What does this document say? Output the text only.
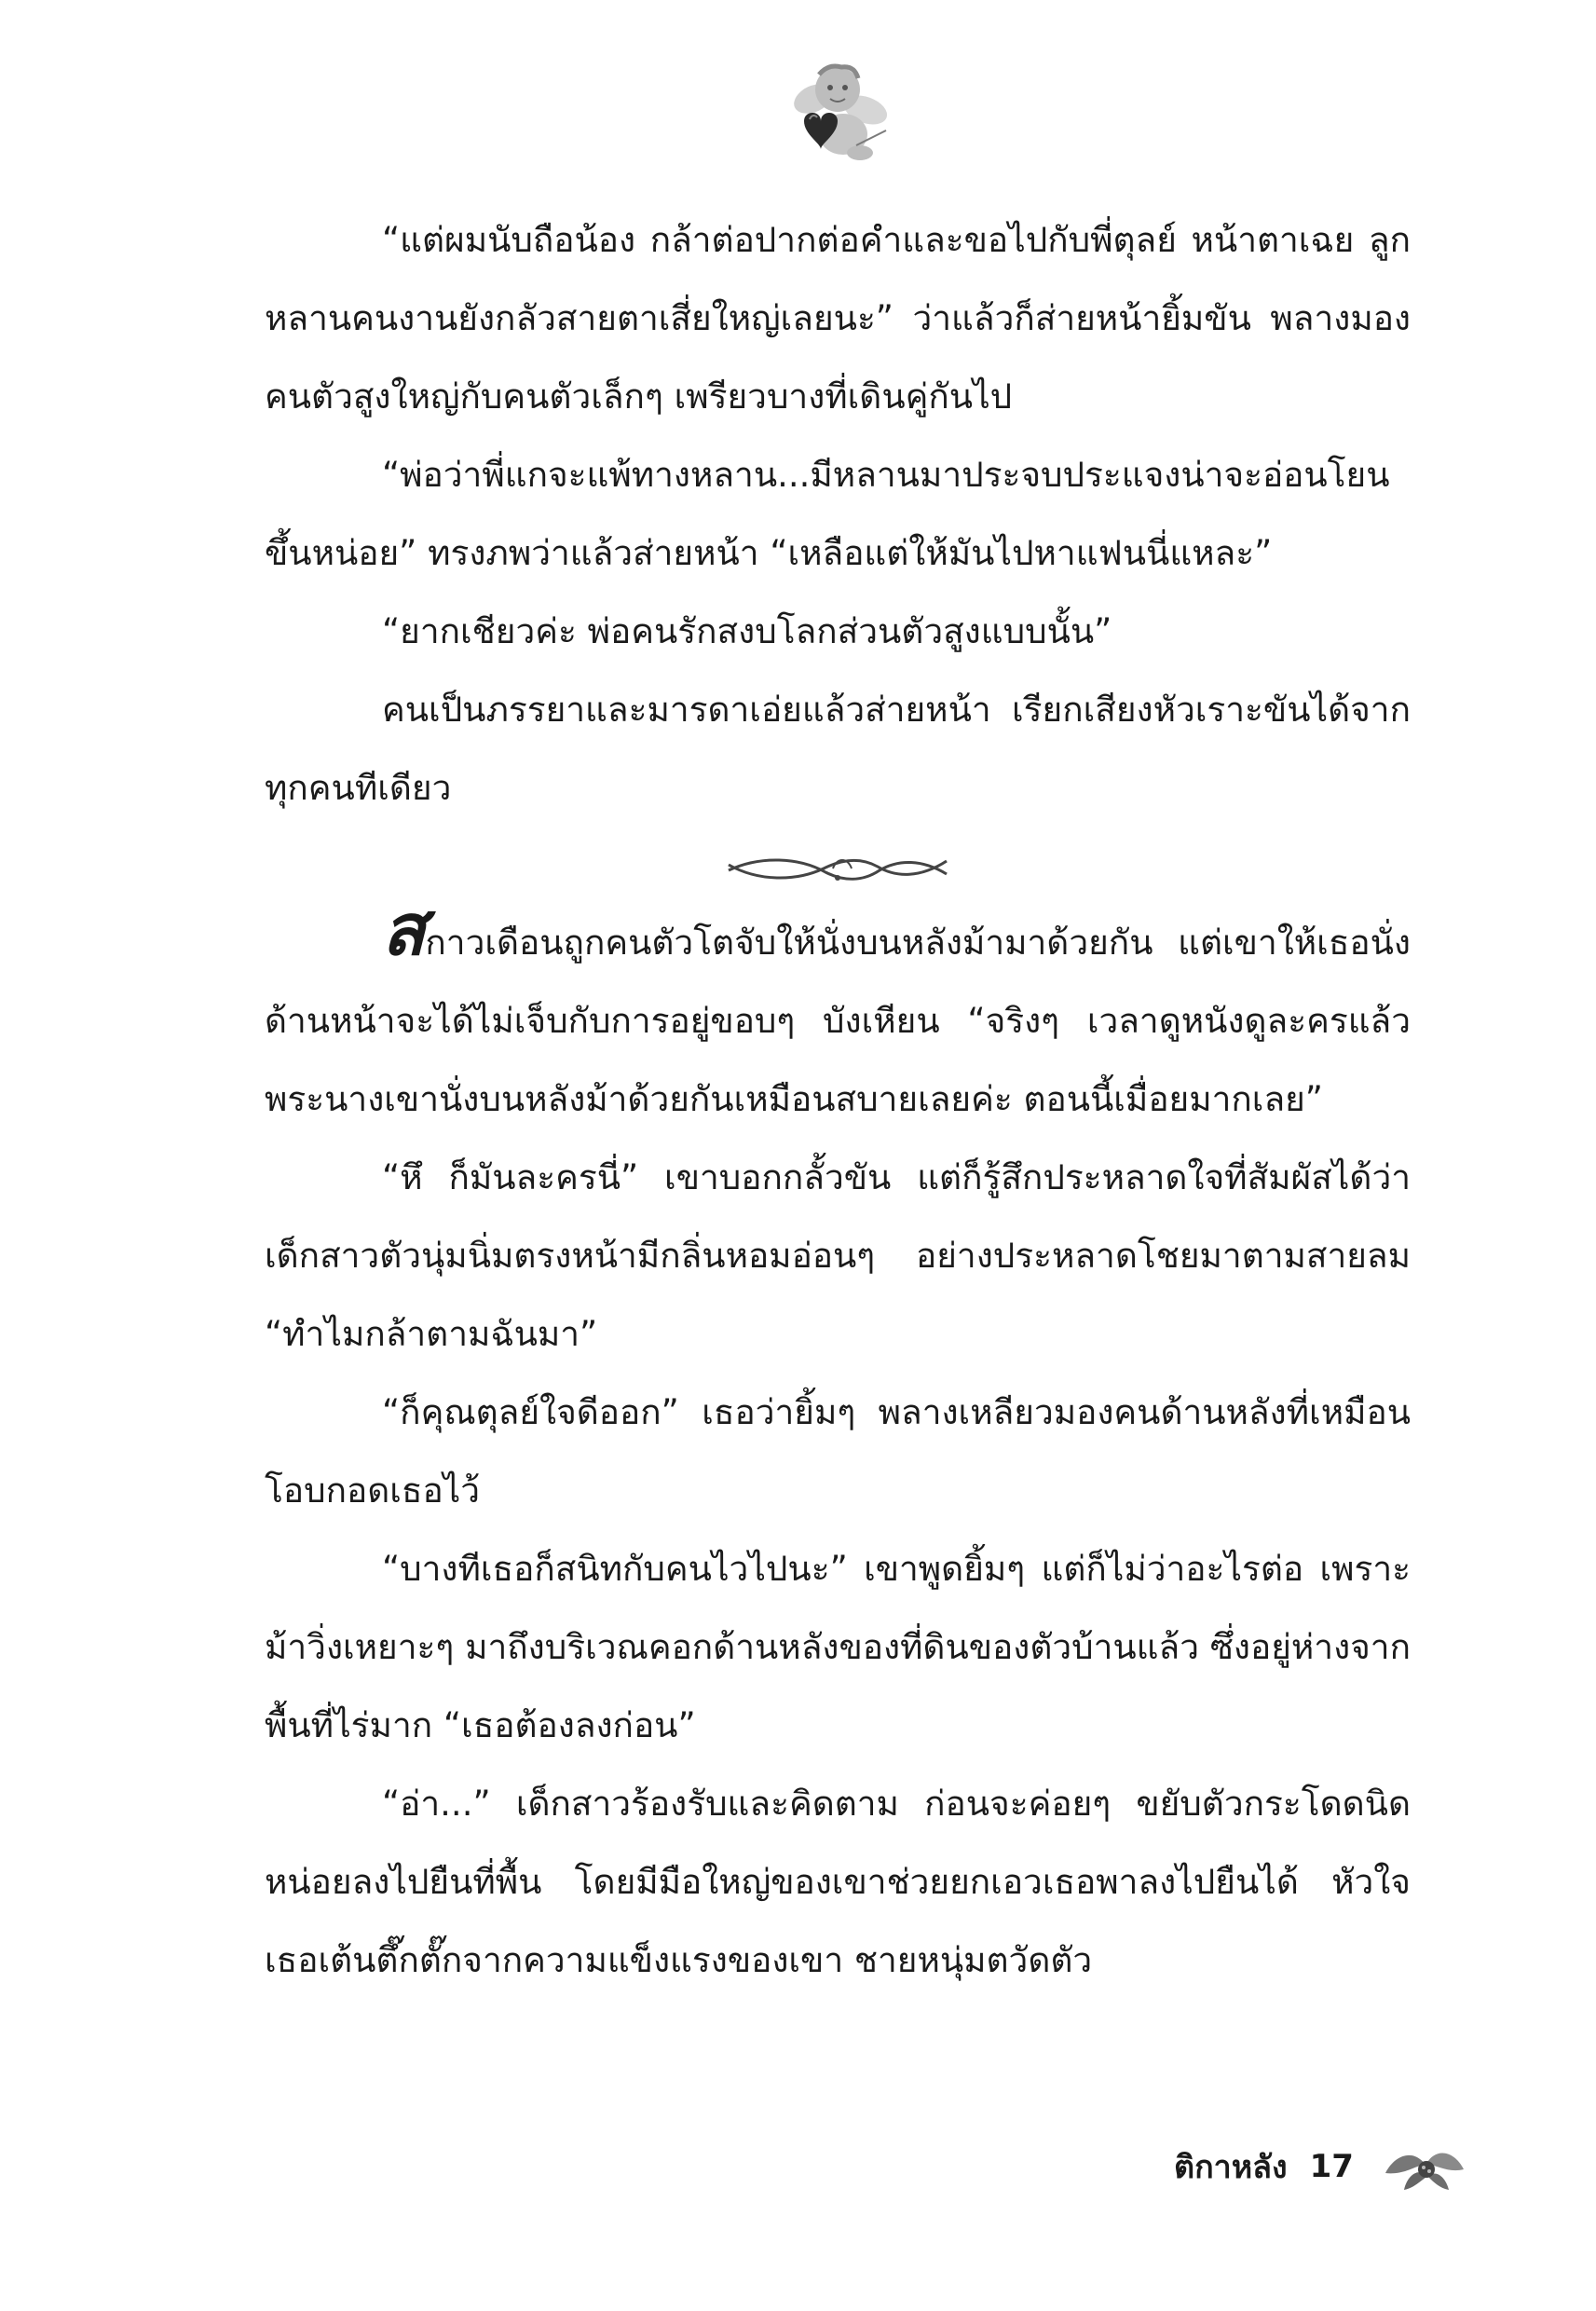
“แต่ผมนับถือน้อง กล้าต่อปากต่อคำและขอไปกับพี่ตุลย์ หน้าตาเฉย ลูกหลานคนงานยังกลัวสายตาเสี่ยใหญ่เลยนะ” ว่าแล้วก็ส่ายหน้ายิ้มขัน พลางมองคนตัวสูงใหญ่กับคนตัวเล็กๆ เพรียวบางที่เดินคู่กันไป

“พ่อว่าพี่แกจะแพ้ทางหลาน...มีหลานมาประจบประแจงน่าจะอ่อนโยนขึ้นหน่อย” ทรงภพว่าแล้วส่ายหน้า “เหลือแต่ให้มันไปหาแฟนนี่แหละ”

“ยากเชียวค่ะ พ่อคนรักสงบโลกส่วนตัวสูงแบบนั้น”

คนเป็นภรรยาและมารดาเอ่ยแล้วส่ายหน้า เรียกเสียงหัวเราะขันได้จากทุกคนทีเดียว

สกาวเดือนถูกคนตัวโตจับให้นั่งบนหลังม้ามาด้วยกัน แต่เขาให้เธอนั่งด้านหน้าจะได้ไม่เจ็บกับการอยู่ขอบๆ บังเหียน “จริงๆ เวลาดูหนังดูละครแล้วพระนางเขานั่งบนหลังม้าด้วยกันเหมือนสบายเลยค่ะ ตอนนี้เมื่อยมากเลย”

“หึ ก็มันละครนี่” เขาบอกกลั้วขัน แต่ก็รู้สึกประหลาดใจที่สัมผัสได้ว่าเด็กสาวตัวนุ่มนิ่มตรงหน้ามีกลิ่นหอมอ่อนๆ อย่างประหลาดโชยมาตามสายลม “ทำไมกล้าตามฉันมา”

“ก็คุณตุลย์ใจดีออก” เธอว่ายิ้มๆ พลางเหลียวมองคนด้านหลังที่เหมือนโอบกอดเธอไว้

“บางทีเธอก็สนิทกับคนไวไปนะ” เขาพูดยิ้มๆ แต่ก็ไม่ว่าอะไรต่อ เพราะม้าวิ่งเหยาะๆ มาถึงบริเวณคอกด้านหลังของที่ดินของตัวบ้านแล้ว ซึ่งอยู่ห่างจากพื้นที่ไร่มาก “เธอต้องลงก่อน”

“อ่า...” เด็กสาวร้องรับและคิดตาม ก่อนจะค่อยๆ ขยับตัวกระโดดนิดหน่อยลงไปยืนที่พื้น โดยมีมือใหญ่ของเขาช่วยยกเอวเธอพาลงไปยืนได้ หัวใจเธอเต้นตึ๊กตั๊กจากความแข็งแรงของเขา ชายหนุ่มตวัดตัว

ติกาหลัง 17
